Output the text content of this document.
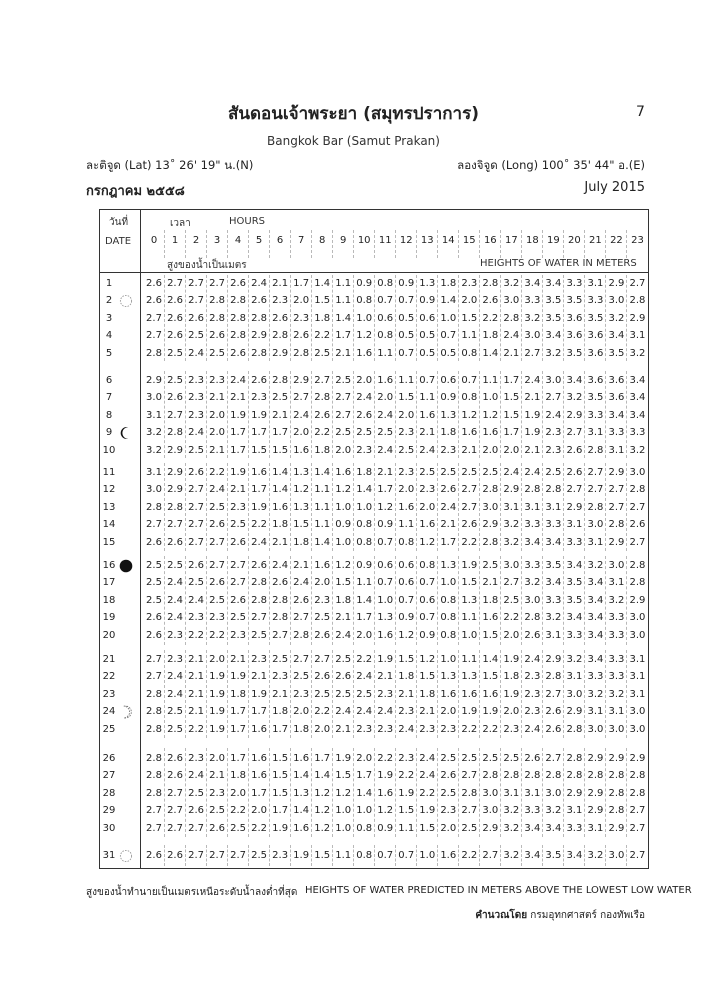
สันดอนเจ้าพระยา (สมุทรปราการ)	7
Bangkok Bar (Samut Prakan)
ละติจูด (Lat) 13˚ 26' 19" น.(N)	ลองจิจูด (Long) 100˚ 35' 44" อ.(E)
กรกฎาคม ๒๕๕๘	July 2015
วันที่
DATE
เวลา	HOURS
สูงของน้ำเป็นเมตร	HEIGHTS OF WATER IN METERS
0	1	2	3	4	5	6	7	8	9	10 11 12 13 14 15 16 17 18 19 20 21 22 23
1	2.6 2.7 2.7 2.7 2.6 2.4 2.1 1.7 1.4 1.1 0.9 0.8 0.9 1.3 1.8 2.3 2.8 3.2 3.4 3.4 3.3 3.1 2.9 2.7
2	2.6 2.6 2.7 2.8 2.8 2.6 2.3 2.0 1.5 1.1 0.8 0.7 0.7 0.9 1.4 2.0 2.6 3.0 3.3 3.5 3.5 3.3 3.0 2.8
3	2.7 2.6 2.6 2.8 2.8 2.8 2.6 2.3 1.8 1.4 1.0 0.6 0.5 0.6 1.0 1.5 2.2 2.8 3.2 3.5 3.6 3.5 3.2 2.9
4	2.7 2.6 2.5 2.6 2.8 2.9 2.8 2.6 2.2 1.7 1.2 0.8 0.5 0.5 0.7 1.1 1.8 2.4 3.0 3.4 3.6 3.6 3.4 3.1
5	2.8 2.5 2.4 2.5 2.6 2.8 2.9 2.8 2.5 2.1 1.6 1.1 0.7 0.5 0.5 0.8 1.4 2.1 2.7 3.2 3.5 3.6 3.5 3.2
6	2.9 2.5 2.3 2.3 2.4 2.6 2.8 2.9 2.7 2.5 2.0 1.6 1.1 0.7 0.6 0.7 1.1 1.7 2.4 3.0 3.4 3.6 3.6 3.4
7	3.0 2.6 2.3 2.1 2.1 2.3 2.5 2.7 2.8 2.7 2.4 2.0 1.5 1.1 0.9 0.8 1.0 1.5 2.1 2.7 3.2 3.5 3.6 3.4
8	3.1 2.7 2.3 2.0 1.9 1.9 2.1 2.4 2.6 2.7 2.6 2.4 2.0 1.6 1.3 1.2 1.2 1.5 1.9 2.4 2.9 3.3 3.4 3.4
9	3.2 2.8 2.4 2.0 1.7 1.7 1.7 2.0 2.2 2.5 2.5 2.5 2.3 2.1 1.8 1.6 1.6 1.7 1.9 2.3 2.7 3.1 3.3 3.3
10	3.2 2.9 2.5 2.1 1.7 1.5 1.5 1.6 1.8 2.0 2.3 2.4 2.5 2.4 2.3 2.1 2.0 2.0 2.1 2.3 2.6 2.8 3.1 3.2
11	3.1 2.9 2.6 2.2 1.9 1.6 1.4 1.3 1.4 1.6 1.8 2.1 2.3 2.5 2.5 2.5 2.5 2.4 2.4 2.5 2.6 2.7 2.9 3.0
12	3.0 2.9 2.7 2.4 2.1 1.7 1.4 1.2 1.1 1.2 1.4 1.7 2.0 2.3 2.6 2.7 2.8 2.9 2.8 2.8 2.7 2.7 2.7 2.8
13	2.8 2.8 2.7 2.5 2.3 1.9 1.6 1.3 1.1 1.0 1.0 1.2 1.6 2.0 2.4 2.7 3.0 3.1 3.1 3.1 2.9 2.8 2.7 2.7
14	2.7 2.7 2.7 2.6 2.5 2.2 1.8 1.5 1.1 0.9 0.8 0.9 1.1 1.6 2.1 2.6 2.9 3.2 3.3 3.3 3.1 3.0 2.8 2.6
15	2.6 2.6 2.7 2.7 2.6 2.4 2.1 1.8 1.4 1.0 0.8 0.7 0.8 1.2 1.7 2.2 2.8 3.2 3.4 3.4 3.3 3.1 2.9 2.7
16	2.5 2.5 2.6 2.7 2.7 2.6 2.4 2.1 1.6 1.2 0.9 0.6 0.6 0.8 1.3 1.9 2.5 3.0 3.3 3.5 3.4 3.2 3.0 2.8
17	2.5 2.4 2.5 2.6 2.7 2.8 2.6 2.4 2.0 1.5 1.1 0.7 0.6 0.7 1.0 1.5 2.1 2.7 3.2 3.4 3.5 3.4 3.1 2.8
18	2.5 2.4 2.4 2.5 2.6 2.8 2.8 2.6 2.3 1.8 1.4 1.0 0.7 0.6 0.8 1.3 1.8 2.5 3.0 3.3 3.5 3.4 3.2 2.9
19	2.6 2.4 2.3 2.3 2.5 2.7 2.8 2.7 2.5 2.1 1.7 1.3 0.9 0.7 0.8 1.1 1.6 2.2 2.8 3.2 3.4 3.4 3.3 3.0
20	2.6 2.3 2.2 2.2 2.3 2.5 2.7 2.8 2.6 2.4 2.0 1.6 1.2 0.9 0.8 1.0 1.5 2.0 2.6 3.1 3.3 3.4 3.3 3.0
21	2.7 2.3 2.1 2.0 2.1 2.3 2.5 2.7 2.7 2.5 2.2 1.9 1.5 1.2 1.0 1.1 1.4 1.9 2.4 2.9 3.2 3.4 3.3 3.1
22	2.7 2.4 2.1 1.9 1.9 2.1 2.3 2.5 2.6 2.6 2.4 2.1 1.8 1.5 1.3 1.3 1.5 1.8 2.3 2.8 3.1 3.3 3.3 3.1
23	2.8 2.4 2.1 1.9 1.8 1.9 2.1 2.3 2.5 2.5 2.5 2.3 2.1 1.8 1.6 1.6 1.6 1.9 2.3 2.7 3.0 3.2 3.2 3.1
24	2.8 2.5 2.1 1.9 1.7 1.7 1.8 2.0 2.2 2.4 2.4 2.4 2.3 2.1 2.0 1.9 1.9 2.0 2.3 2.6 2.9 3.1 3.1 3.0
25	2.8 2.5 2.2 1.9 1.7 1.6 1.7 1.8 2.0 2.1 2.3 2.3 2.4 2.3 2.3 2.2 2.2 2.3 2.4 2.6 2.8 3.0 3.0 3.0
26	2.8 2.6 2.3 2.0 1.7 1.6 1.5 1.6 1.7 1.9 2.0 2.2 2.3 2.4 2.5 2.5 2.5 2.5 2.6 2.7 2.8 2.9 2.9 2.9
27	2.8 2.6 2.4 2.1 1.8 1.6 1.5 1.4 1.4 1.5 1.7 1.9 2.2 2.4 2.6 2.7 2.8 2.8 2.8 2.8 2.8 2.8 2.8 2.8
28	2.8 2.7 2.5 2.3 2.0 1.7 1.5 1.3 1.2 1.2 1.4 1.6 1.9 2.2 2.5 2.8 3.0 3.1 3.1 3.0 2.9 2.9 2.8 2.8
29	2.7 2.7 2.6 2.5 2.2 2.0 1.7 1.4 1.2 1.0 1.0 1.2 1.5 1.9 2.3 2.7 3.0 3.2 3.3 3.2 3.1 2.9 2.8 2.7
30	2.7 2.7 2.7 2.6 2.5 2.2 1.9 1.6 1.2 1.0 0.8 0.9 1.1 1.5 2.0 2.5 2.9 3.2 3.4 3.4 3.3 3.1 2.9 2.7
31	2.6 2.6 2.7 2.7 2.7 2.5 2.3 1.9 1.5 1.1 0.8 0.7 0.7 1.0 1.6 2.2 2.7 3.2 3.4 3.5 3.4 3.2 3.0 2.7
สูงของน้ำทำนายเป็นเมตรเหนือระดับน้ำลงต่ำที่สุด HEIGHTS OF WATER PREDICTED IN METERS ABOVE THE LOWEST LOW WATER
คำนวณโดย กรมอุทกศาสตร์ กองทัพเรือ
